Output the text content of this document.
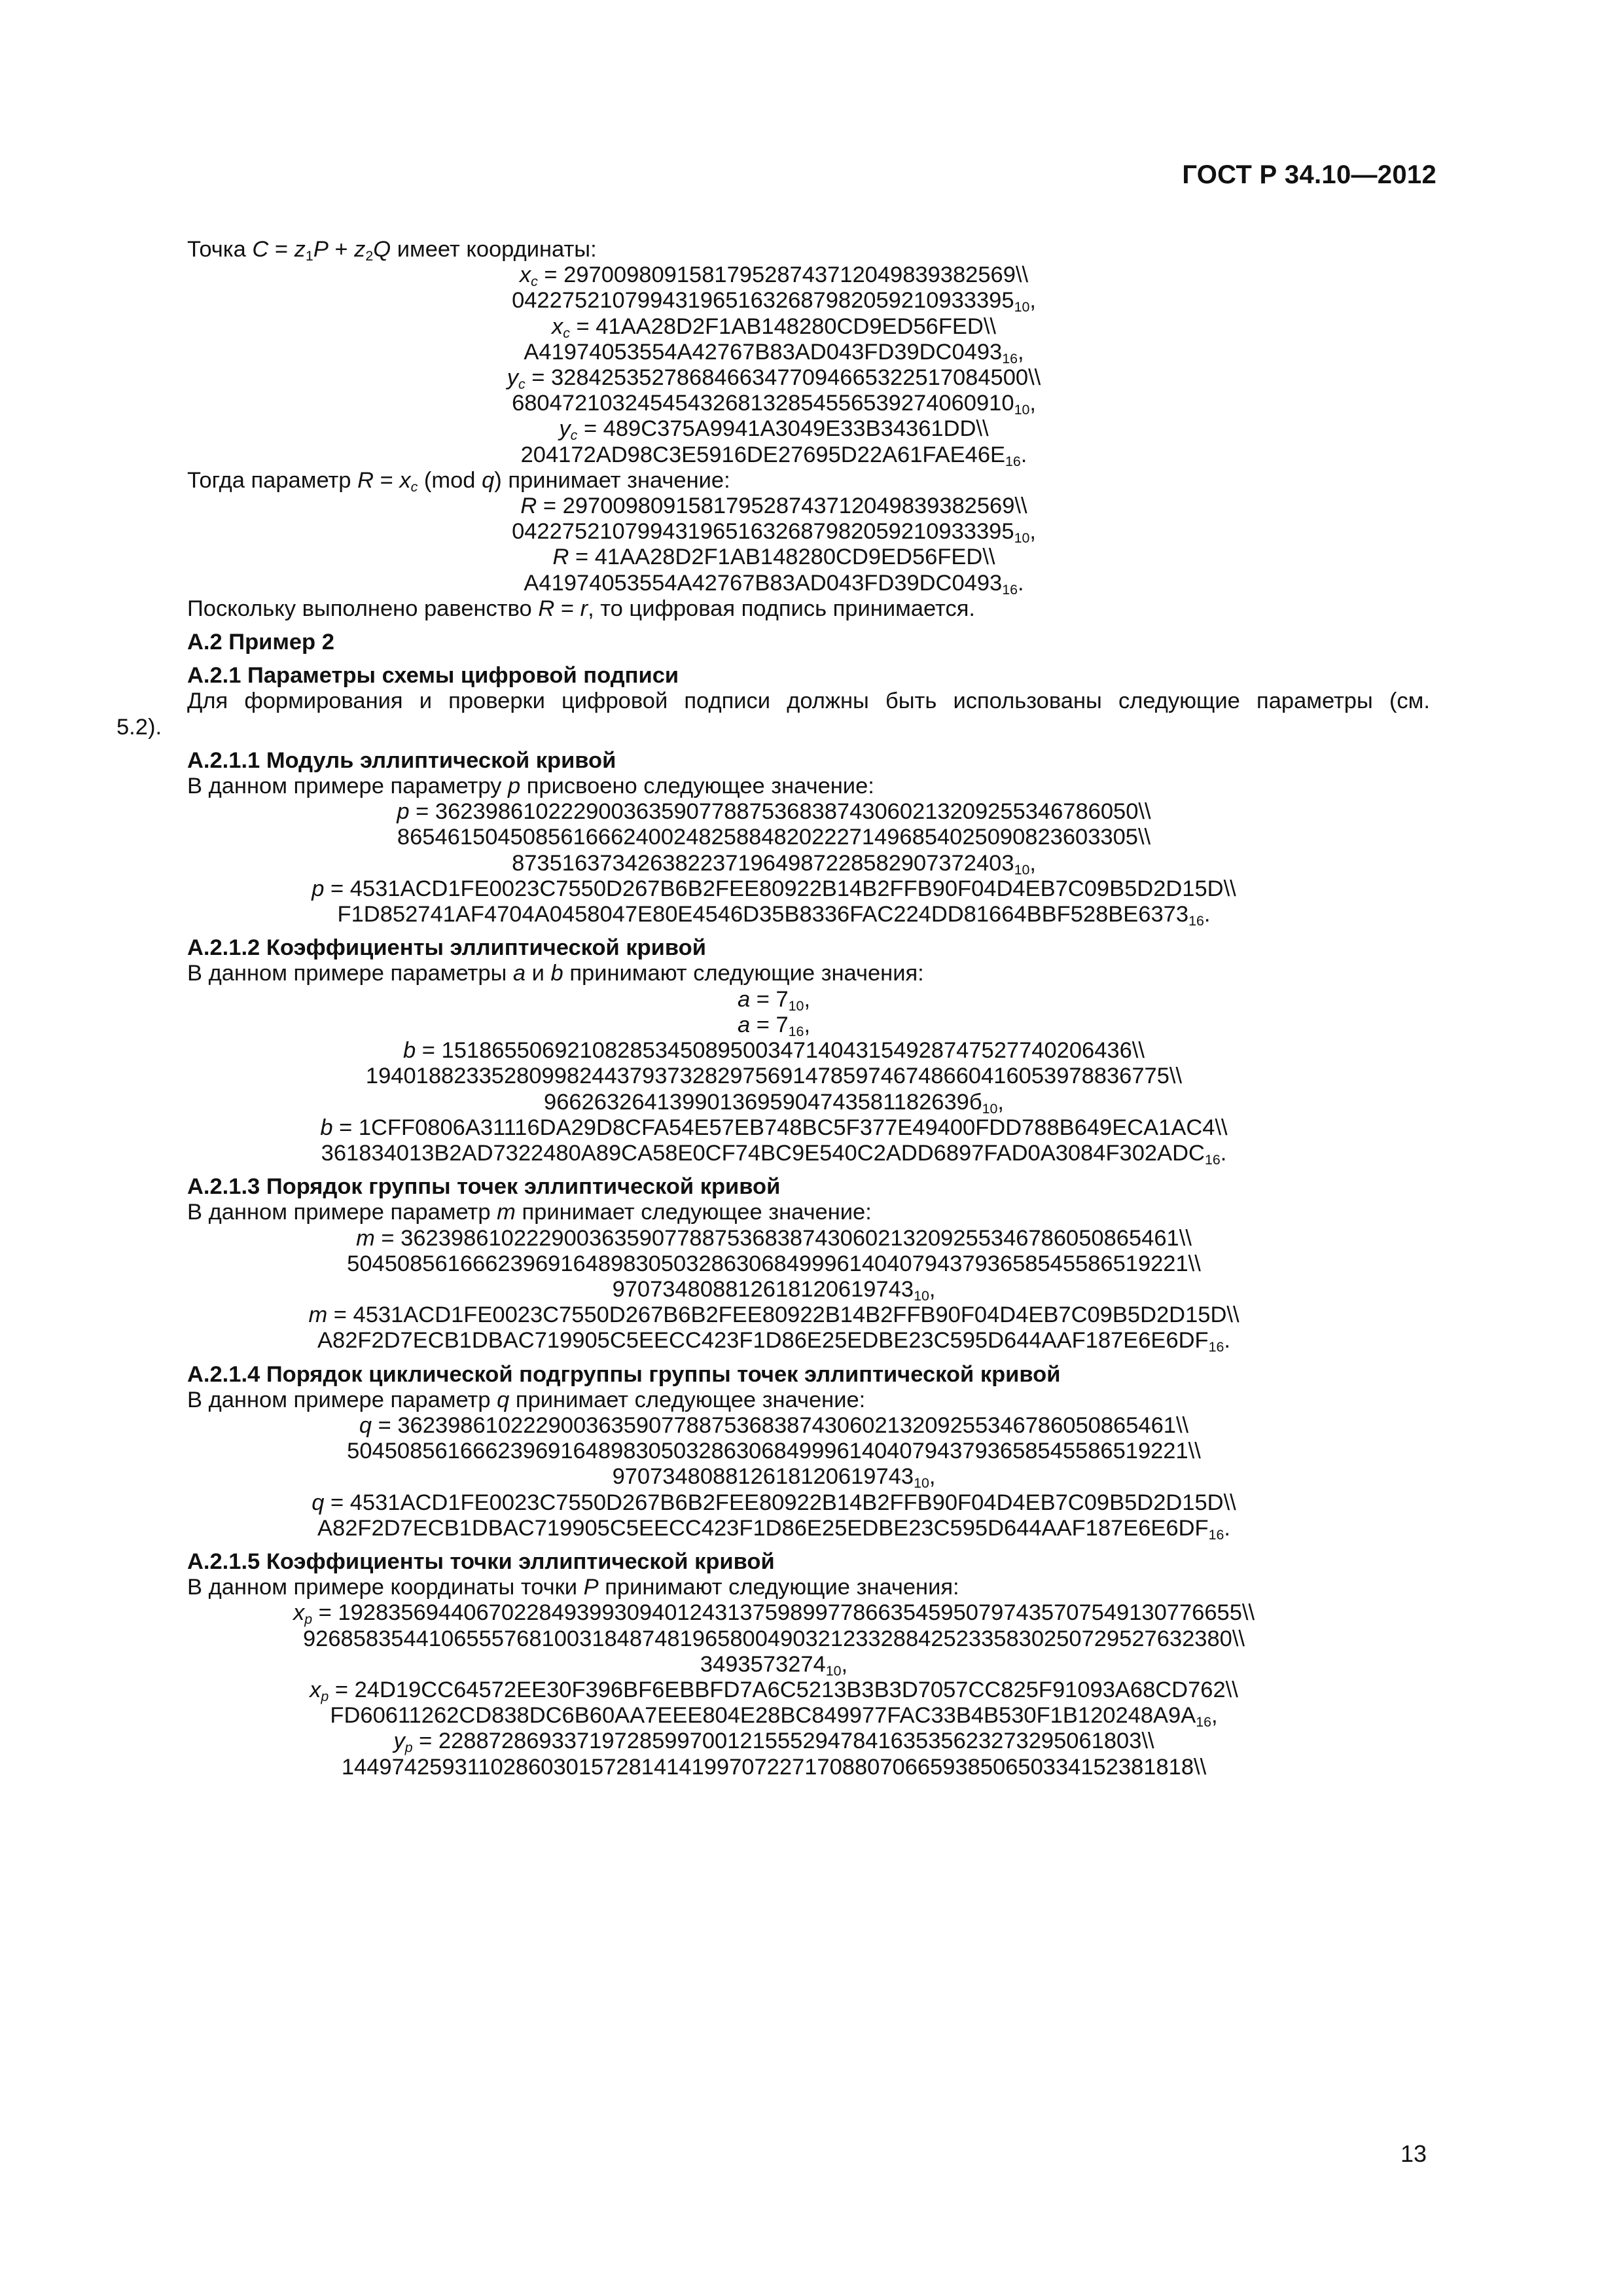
ГОСТ Р 34.10—2012

Точка $C = z_1P + z_2Q$ имеет координаты:

$x_c$ = 297009809158179528743712049839382569\\
$0422752107994319651632687982059210933395_{10}$,
$x_c$ = 41AA28D2F1AB148280CD9ED56FED\\
$A41974053554A42767B83AD043FD39DC0493_{16}$,
$y_c$ = 32842535278684663477094665322517084500\\
$6804721032454543268132854556539274060910_{10}$,
$y_c$ = 489C375A9941A3049E33B34361DD\\
$204172AD98C3E5916DE27695D22A61FAE46E_{16}$.

Тогда параметр $R = x_c$ (mod q) принимает значение:

R = 297009809158179528743712049839382569\\
$0422752107994319651632687982059210933395_{10}$,
R = 41AA28D2F1AB148280CD9ED56FED\\
$A41974053554A42767B83AD043FD39DC0493_{16}$.

Поскольку выполнено равенство R = r, то цифровая подпись принимается.

А.2 Пример 2

А.2.1 Параметры схемы цифровой подписи

Для формирования и проверки цифровой подписи должны быть использованы следующие параметры (см.

5.2).

А.2.1.1 Модуль эллиптической кривой

В данном примере параметру p присвоено следующее значение:

p = 36239861022290036359077887536838743060213209255346786050\\
86546150450856166624002482588482022271496854025090823603305\\
$8735163734263822371964987228582907372403_{10}$,
p = 4531ACD1FE0023C7550D267B6B2FEE80922B14B2FFB90F04D4EB7C09B5D2D15D\\
$F1D852741AF4704A0458047E80E4546D35B8336FAC224DD81664BBF528BE6373_{16}$.

А.2.1.2 Коэффициенты эллиптической кривой

В данном примере параметры a и b принимают следующие значения:

$a = 7_{10}$,
$a = 7_{16}$,
b = 1518655069210828534508950034714043154928747527740206436\\
1940188233528099824437937328297569147859746748660416053978836775\\
$9662632641399013695904743581182639б_{10}$,
b = 1CFF0806A31116DA29D8CFA54E57EB748BC5F377E49400FDD788B649ECA1AC4\\
$361834013B2AD7322480A89CA58E0CF74BC9E540C2ADD6897FAD0A3084F302ADC_{16}$.

А.2.1.3 Порядок группы точек эллиптической кривой

В данном примере параметр m принимает следующее значение:

m = 36239861022290036359077887536838743060213209255346786050865461\\
5045085616662396916489830503286306849996140407943793658545586519221\\
$970734808812618120619743_{10}$,
m = 4531ACD1FE0023C7550D267B6B2FEE80922B14B2FFB90F04D4EB7C09B5D2D15D\\
$A82F2D7ECB1DBAC719905C5EECC423F1D86E25EDBE23C595D644AAF187E6E6DF_{16}$.

А.2.1.4 Порядок циклической подгруппы группы точек эллиптической кривой

В данном примере параметр q принимает следующее значение:

q = 36239861022290036359077887536838743060213209255346786050865461\\
5045085616662396916489830503286306849996140407943793658545586519221\\
$970734808812618120619743_{10}$,
q = 4531ACD1FE0023C7550D267B6B2FEE80922B14B2FFB90F04D4EB7C09B5D2D15D\\
$A82F2D7ECB1DBAC719905C5EECC423F1D86E25EDBE23C595D644AAF187E6E6DF_{16}$.

А.2.1.5 Коэффициенты точки эллиптической кривой

В данном примере координаты точки P принимают следующие значения:

$x_p$ = 192835694406702284939930940124313759899778663545950797435707549130776655\\
92685835441065557681003184874819658004903212332884252335830250729527632380\\
$3493573274_{10}$,
$x_p$ = 24D19CC64572EE30F396BF6EBBFD7A6C5213B3B3D7057CC825F91093A68CD762\\
$FD60611262CD838DC6B60AA7EEE804E28BC849977FAC33B4B530F1B120248A9A_{16}$,
$y_p$ = 22887286933719728599700121555294784163535623273295061803\\
14497425931102860301572814141997072271708807066593850650334152381818\\
13
